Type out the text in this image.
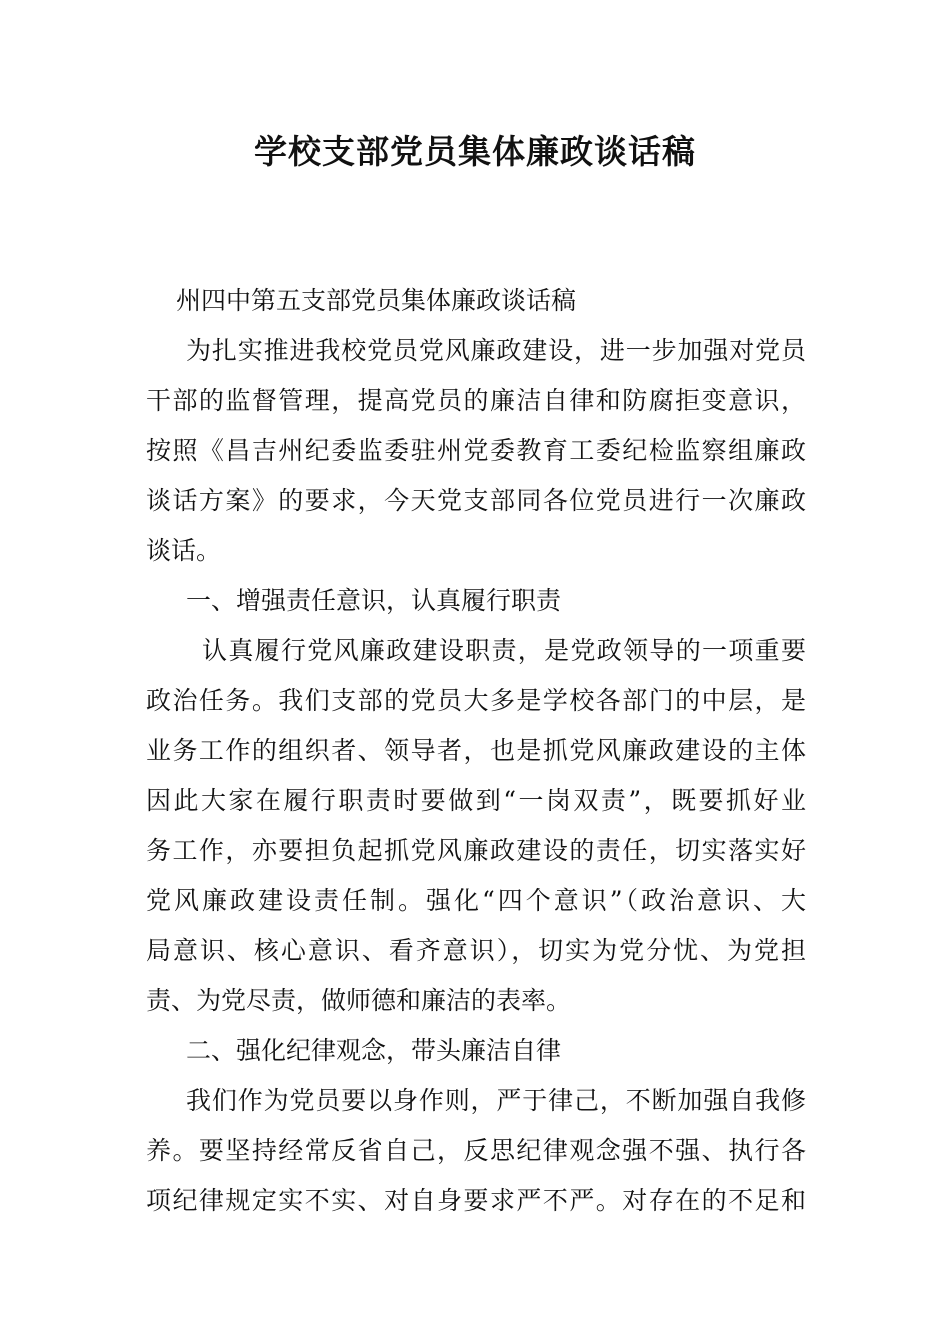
学校支部党员集体廉政谈话稿
州四中第五支部党员集体廉政谈话稿
为扎实推进我校党员党风廉政建设，进一步加强对党员
干部的监督管理，提高党员的廉洁自律和防腐拒变意识，
按照《昌吉州纪委监委驻州党委教育工委纪检监察组廉政
谈话方案》的要求，今天党支部同各位党员进行一次廉政
谈话。
一、增强责任意识，认真履行职责
认真履行党风廉政建设职责，是党政领导的一项重要
政治任务。我们支部的党员大多是学校各部门的中层，是
业务工作的组织者、领导者，也是抓党风廉政建设的主体
因此大家在履行职责时要做到“一岗双责”，既要抓好业
务工作，亦要担负起抓党风廉政建设的责任，切实落实好
党风廉政建设责任制。强化“四个意识”（政治意识、大
局意识、核心意识、看齐意识），切实为党分忧、为党担
责、为党尽责，做师德和廉洁的表率。
二、强化纪律观念，带头廉洁自律
我们作为党员要以身作则，严于律己，不断加强自我修
养。要坚持经常反省自己，反思纪律观念强不强、执行各
项纪律规定实不实、对自身要求严不严。对存在的不足和
